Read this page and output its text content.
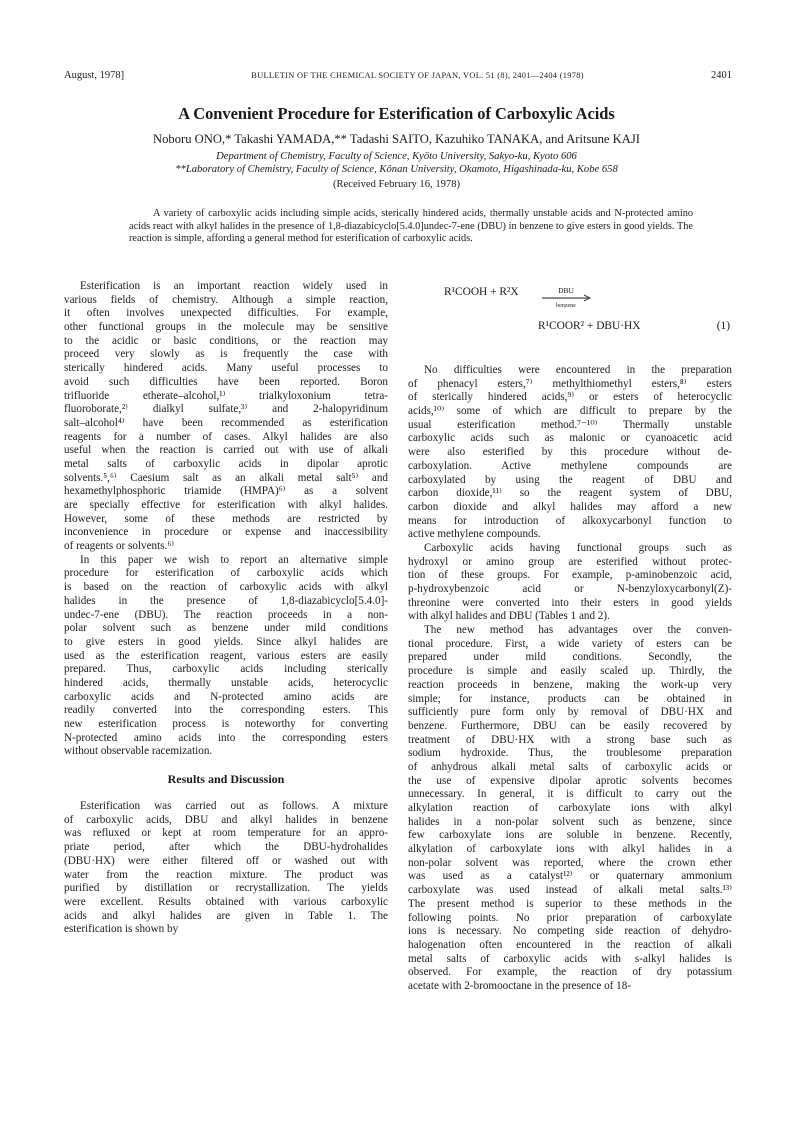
August, 1978]	BULLETIN OF THE CHEMICAL SOCIETY OF JAPAN, VOL. 51 (8), 2401—2404 (1978)	2401
A Convenient Procedure for Esterification of Carboxylic Acids
Noboru ONO,* Takashi YAMADA,** Tadashi SAITO, Kazuhiko TANAKA, and Aritsune KAJI
Department of Chemistry, Faculty of Science, Kyōto University, Sakyo-ku, Kyoto 606
**Laboratory of Chemistry, Faculty of Science, Kōnan University, Okamoto, Higashinada-ku, Kobe 658
(Received February 16, 1978)

A variety of carboxylic acids including simple acids, sterically hindered acids, thermally unstable acids and N-protected amino acids react with alkyl halides in the presence of 1,8-diazabicyclo[5.4.0]undec-7-ene (DBU) in benzene to give esters in good yields. The reaction is simple, affording a general method for esterification of carboxylic acids.

Esterification is an important reaction widely used in
various fields of chemistry. Although a simple reaction,
it often involves unexpected difficulties. For example,
other functional groups in the molecule may be sensitive
to the acidic or basic conditions, or the reaction may
proceed very slowly as is frequently the case with
sterically hindered acids. Many useful processes to
avoid such difficulties have been reported. Boron
trifluoride etherate–alcohol,¹⁾ trialkyloxonium tetra-
fluoroborate,²⁾ dialkyl sulfate,³⁾ and 2-halopyridinum
salt–alcohol⁴⁾ have been recommended as esterification
reagents for a number of cases. Alkyl halides are also
useful when the reaction is carried out with use of alkali
metal salts of carboxylic acids in dipolar aprotic
solvents.⁵,⁶⁾ Caesium salt as an alkali metal salt⁵⁾ and
hexamethylphosphoric triamide (HMPA)⁶⁾ as a solvent
are specially effective for esterification with alkyl halides.
However, some of these methods are restricted by
inconvenience in procedure or expense and inaccessibility
of reagents or solvents.⁶⁾
In this paper we wish to report an alternative simple
procedure for esterification of carboxylic acids which
is based on the reaction of carboxylic acids with alkyl
halides in the presence of 1,8-diazabicyclo[5.4.0]-
undec-7-ene (DBU). The reaction proceeds in a non-
polar solvent such as benzene under mild conditions
to give esters in good yields. Since alkyl halides are
used as the esterification reagent, various esters are easily
prepared. Thus, carboxylic acids including sterically
hindered acids, thermally unstable acids, heterocyclic
carboxylic acids and N-protected amino acids are
readily converted into the corresponding esters. This
new esterification process is noteworthy for converting
N-protected amino acids into the corresponding esters
without observable racemization.
Results and Discussion
Esterification was carried out as follows. A mixture
of carboxylic acids, DBU and alkyl halides in benzene
was refluxed or kept at room temperature for an appro-
priate period, after which the DBU-hydrohalides
(DBU·HX) were either filtered off or washed out with
water from the reaction mixture. The product was
purified by distillation or recrystallization. The yields
were excellent. Results obtained with various carboxylic
acids and alkyl halides are given in Table 1. The
esterification is shown by
R¹COOH + R²X	DBU
benzene
R¹COOR² + DBU·HX	(1)
No difficulties were encountered in the preparation
of phenacyl esters,⁷⁾ methylthiomethyl esters,⁸⁾ esters
of sterically hindered acids,⁹⁾ or esters of heterocyclic
acids,¹⁰⁾ some of which are difficult to prepare by the
usual esterification method.⁷⁻¹⁰⁾ Thermally unstable
carboxylic acids such as malonic or cyanoacetic acid
were also esterified by this procedure without de-
carboxylation. Active methylene compounds are
carboxylated by using the reagent of DBU and
carbon dioxide,¹¹⁾ so the reagent system of DBU,
carbon dioxide and alkyl halides may afford a new
means for introduction of alkoxycarbonyl function to
active methylene compounds.
Carboxylic acids having functional groups such as
hydroxyl or amino group are esterified without protec-
tion of these groups. For example, p-aminobenzoic acid,
p-hydroxybenzoic acid or N-benzyloxycarbonyl(Z)-
threonine were converted into their esters in good yields
with alkyl halides and DBU (Tables 1 and 2).
The new method has advantages over the conven-
tional procedure. First, a wide variety of esters can be
prepared under mild conditions. Secondly, the
procedure is simple and easily scaled up. Thirdly, the
reaction proceeds in benzene, making the work-up very
simple; for instance, products can be obtained in
sufficiently pure form only by removal of DBU·HX and
benzene. Furthermore, DBU can be easily recovered by
treatment of DBU·HX with a strong base such as
sodium hydroxide. Thus, the troublesome preparation
of anhydrous alkali metal salts of carboxylic acids or
the use of expensive dipolar aprotic solvents becomes
unnecessary. In general, it is difficult to carry out the
alkylation reaction of carboxylate ions with alkyl
halides in a non-polar solvent such as benzene, since
few carboxylate ions are soluble in benzene. Recently,
alkylation of carboxylate ions with alkyl halides in a
non-polar solvent was reported, where the crown ether
was used as a catalyst¹²⁾ or quaternary ammonium
carboxylate was used instead of alkali metal salts.¹³⁾
The present method is superior to these methods in the
following points. No prior preparation of carboxylate
ions is necessary. No competing side reaction of dehydro-
halogenation often encountered in the reaction of alkali
metal salts of carboxylic acids with s-alkyl halides is
observed. For example, the reaction of dry potassium
acetate with 2-bromooctane in the presence of 18-
